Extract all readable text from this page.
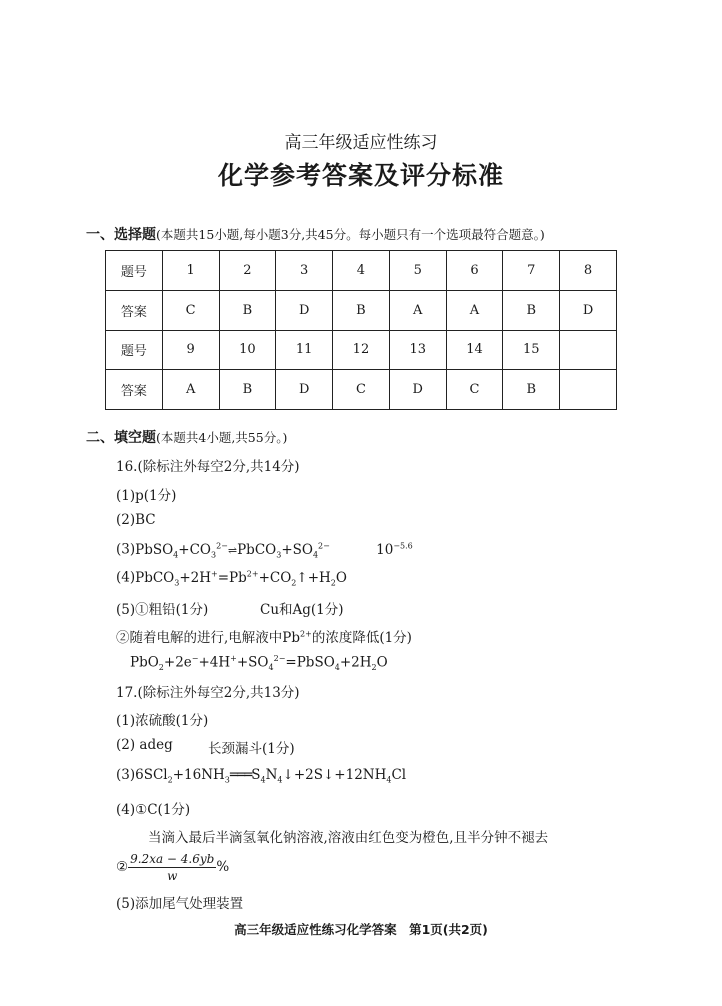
高三年级适应性练习
化学参考答案及评分标准
一、选择题(本题共15小题,每小题3分,共45分。每小题只有一个选项最符合题意。)
题号	1	2	3	4	5	6	7	8
答案	C	B	D	B	A	A	B	D
题号	9	10	11	12	13	14	15	
答案	A	B	D	C	D	C	B	
二、填空题(本题共4小题,共55分。)
16.(除标注外每空2分,共14分)
(1)p(1分)
(2)BC
$(3)PbSO_4+CO_3^{2-}\rightleftharpoons PbCO_3+SO_4^{2-}$	$10^{-5.6}$
$(4)PbCO_3+2H^+=Pb^{2+}+CO_2↑+H_2O$
(5)①粗铅(1分)	Cu和Ag(1分)
②随着电解的进行,电解液中$Pb^{2+}$的浓度降低(1分)
$PbO_2+2e^-+4H^++SO_4^{2-}=PbSO_4+2H_2O$
17.(除标注外每空2分,共13分)
(1)浓硫酸(1分)
(2) adeg	长颈漏斗(1分)
$(3)6SCl_2+16NH_3═══S_4N_4↓+2S↓+12NH_4Cl$
(4)①C(1分)
当滴入最后半滴氢氧化钠溶液,溶液由红色变为橙色,且半分钟不褪去
② $\frac{9.2xa - 4.6yb}{w}$ %
(5)添加尾气处理装置
高三年级适应性练习化学答案　第1页(共2页)
